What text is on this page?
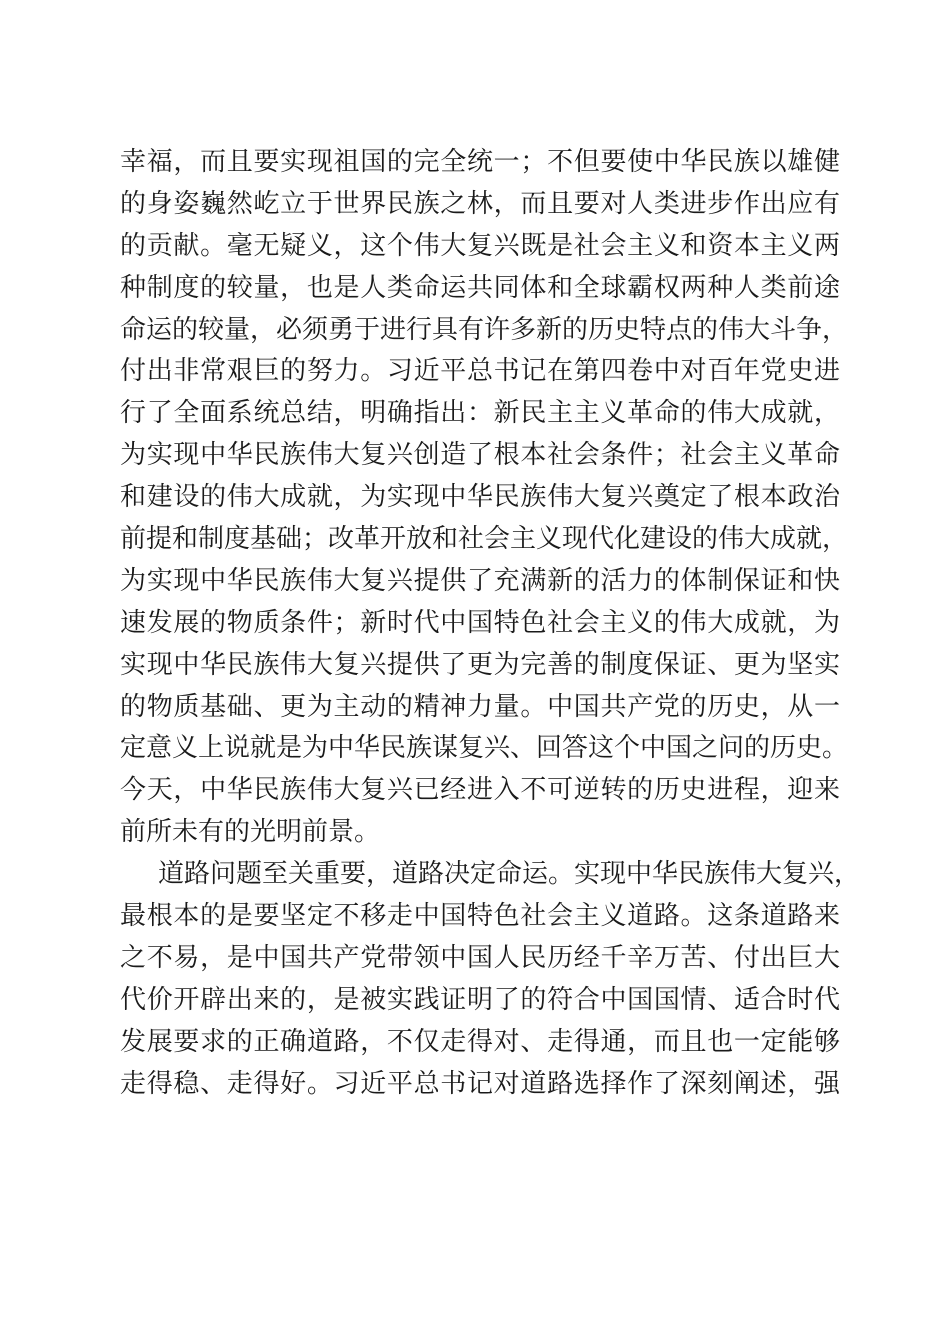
幸福，而且要实现祖国的完全统一；不但要使中华民族以雄健
的身姿巍然屹立于世界民族之林，而且要对人类进步作出应有
的贡献。毫无疑义，这个伟大复兴既是社会主义和资本主义两
种制度的较量，也是人类命运共同体和全球霸权两种人类前途
命运的较量，必须勇于进行具有许多新的历史特点的伟大斗争，
付出非常艰巨的努力。习近平总书记在第四卷中对百年党史进
行了全面系统总结，明确指出：新民主主义革命的伟大成就，
为实现中华民族伟大复兴创造了根本社会条件；社会主义革命
和建设的伟大成就，为实现中华民族伟大复兴奠定了根本政治
前提和制度基础；改革开放和社会主义现代化建设的伟大成就，
为实现中华民族伟大复兴提供了充满新的活力的体制保证和快
速发展的物质条件；新时代中国特色社会主义的伟大成就，为
实现中华民族伟大复兴提供了更为完善的制度保证、更为坚实
的物质基础、更为主动的精神力量。中国共产党的历史，从一
定意义上说就是为中华民族谋复兴、回答这个中国之问的历史。
今天，中华民族伟大复兴已经进入不可逆转的历史进程，迎来
前所未有的光明前景。
道路问题至关重要，道路决定命运。实现中华民族伟大复兴，
最根本的是要坚定不移走中国特色社会主义道路。这条道路来
之不易，是中国共产党带领中国人民历经千辛万苦、付出巨大
代价开辟出来的，是被实践证明了的符合中国国情、适合时代
发展要求的正确道路，不仅走得对、走得通，而且也一定能够
走得稳、走得好。习近平总书记对道路选择作了深刻阐述，强
